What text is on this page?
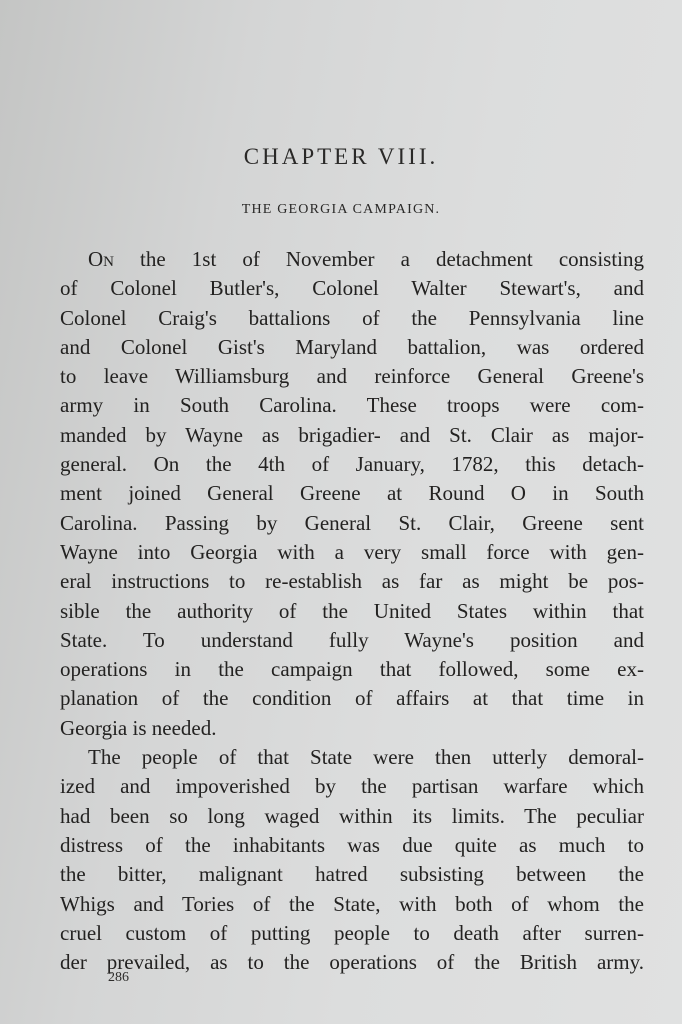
CHAPTER VIII.
THE GEORGIA CAMPAIGN.
On the 1st of November a detachment consisting
of Colonel Butler's, Colonel Walter Stewart's, and
Colonel Craig's battalions of the Pennsylvania line
and Colonel Gist's Maryland battalion, was ordered
to leave Williamsburg and reinforce General Greene's
army in South Carolina. These troops were com-
manded by Wayne as brigadier- and St. Clair as major-
general. On the 4th of January, 1782, this detach-
ment joined General Greene at Round O in South
Carolina. Passing by General St. Clair, Greene sent
Wayne into Georgia with a very small force with gen-
eral instructions to re-establish as far as might be pos-
sible the authority of the United States within that
State. To understand fully Wayne's position and
operations in the campaign that followed, some ex-
planation of the condition of affairs at that time in
Georgia is needed.
The people of that State were then utterly demoral-
ized and impoverished by the partisan warfare which
had been so long waged within its limits. The peculiar
distress of the inhabitants was due quite as much to
the bitter, malignant hatred subsisting between the
Whigs and Tories of the State, with both of whom the
cruel custom of putting people to death after surren-
der prevailed, as to the operations of the British army.
286
